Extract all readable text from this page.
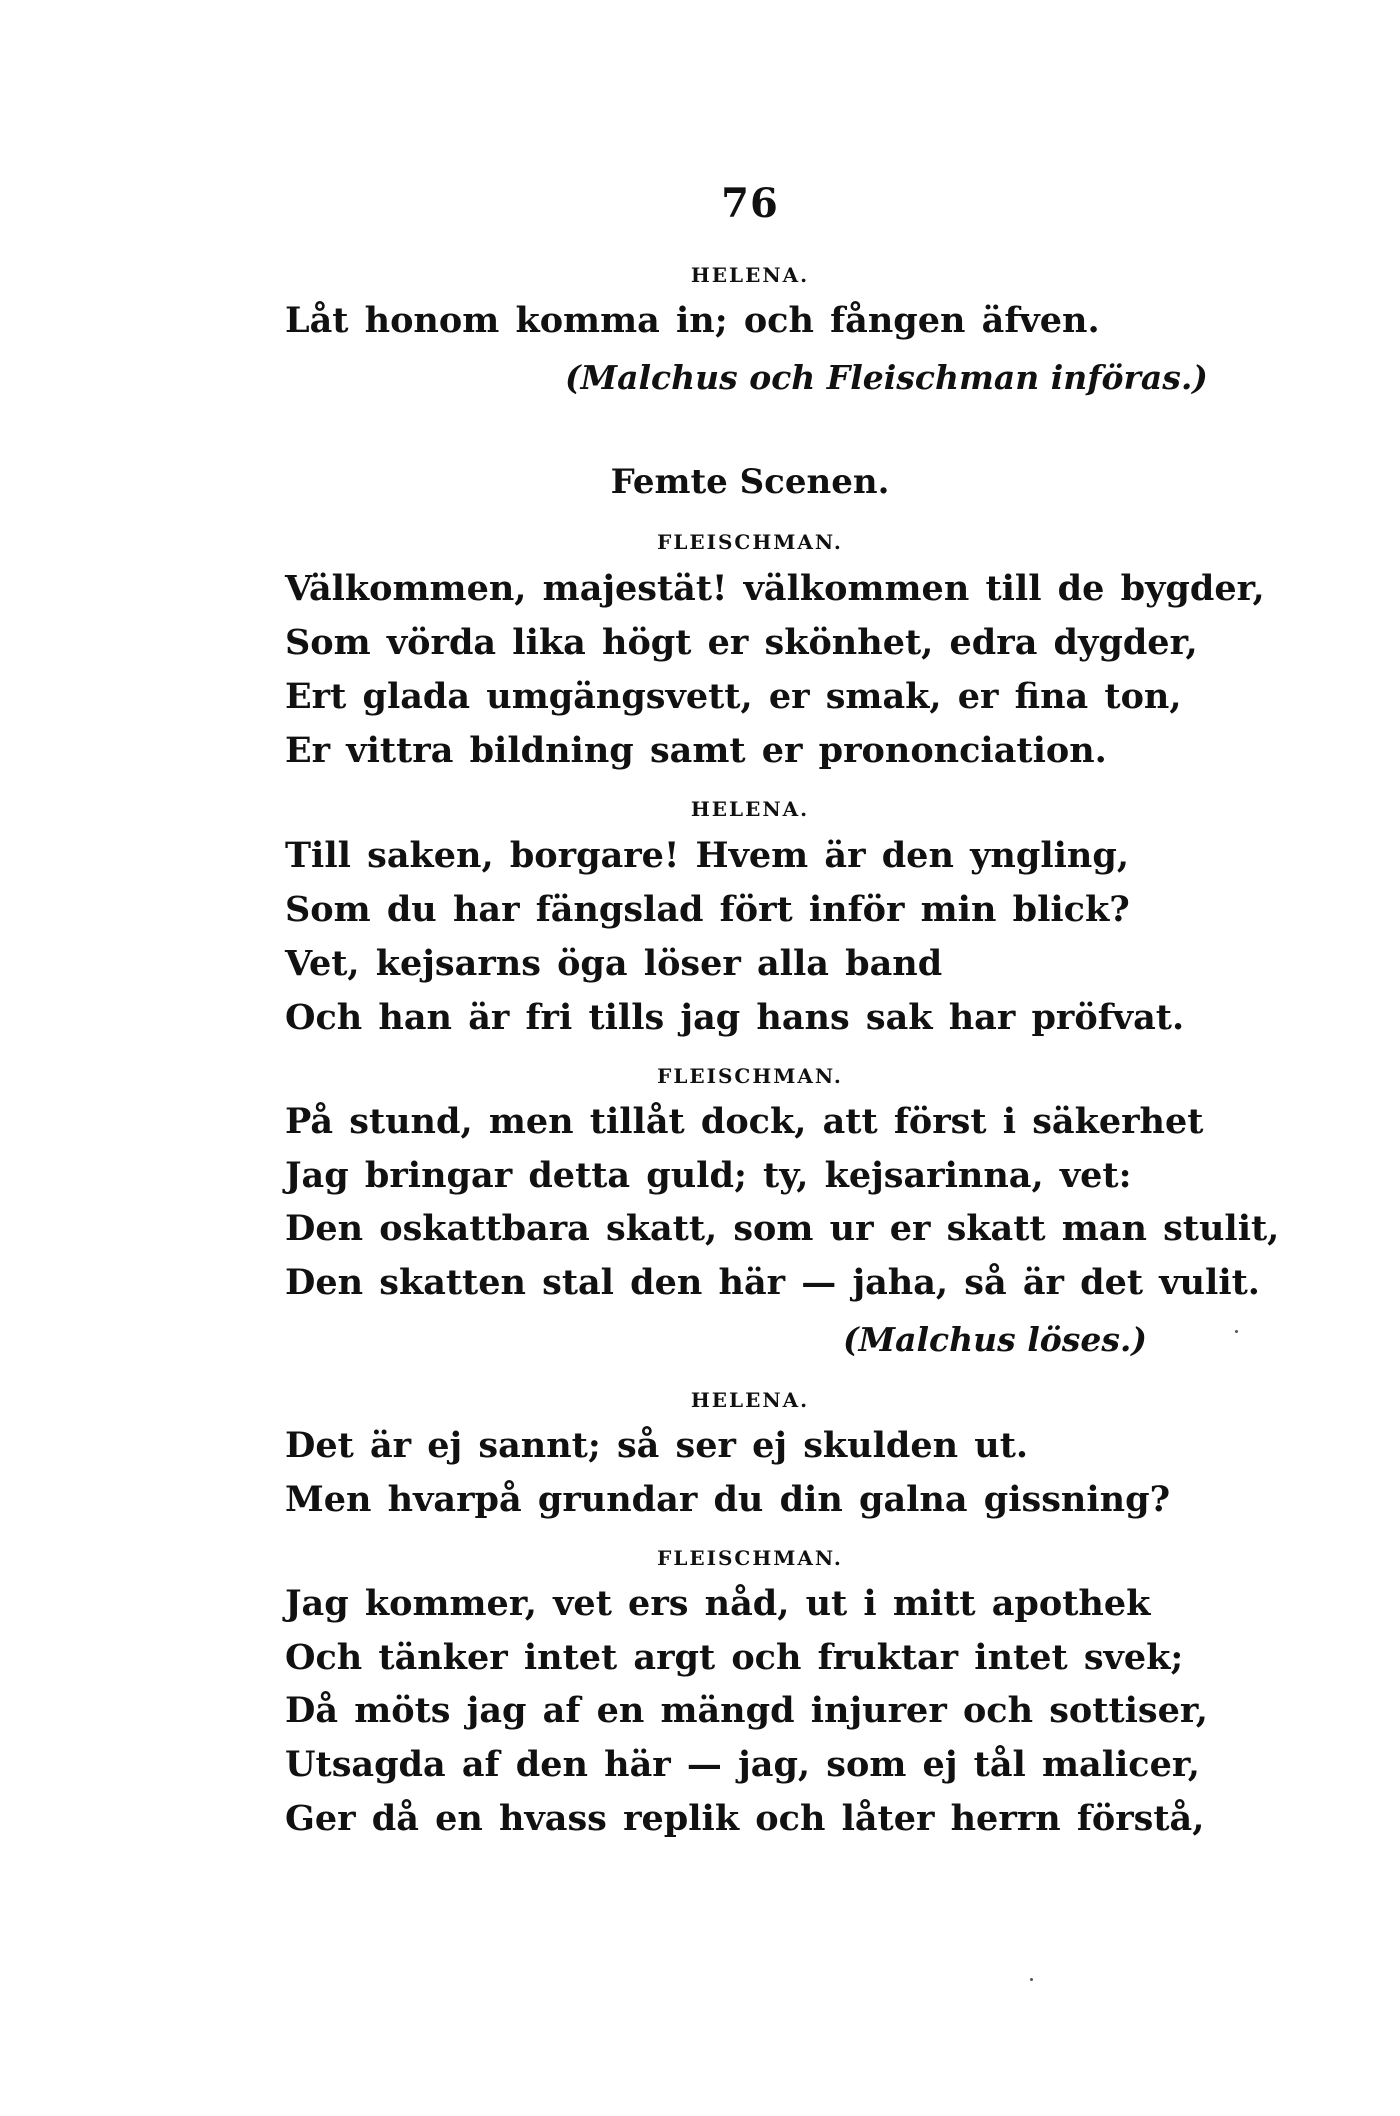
76
HELENA.
Låt honom komma in; och fången äfven.
(Malchus och Fleischman införas.)
Femte Scenen.
FLEISCHMAN.
Välkommen, majestät! välkommen till de bygder,
Som vörda lika högt er skönhet, edra dygder,
Ert glada umgängsvett, er smak, er fina ton,
Er vittra bildning samt er prononciation.
HELENA.
Till saken, borgare! Hvem är den yngling,
Som du har fängslad fört inför min blick?
Vet, kejsarns öga löser alla band
Och han är fri tills jag hans sak har pröfvat.
FLEISCHMAN.
På stund, men tillåt dock, att först i säkerhet
Jag bringar detta guld; ty, kejsarinna, vet:
Den oskattbara skatt, som ur er skatt man stulit,
Den skatten stal den här — jaha, så är det vulit.
(Malchus löses.)
HELENA.
Det är ej sannt; så ser ej skulden ut.
Men hvarpå grundar du din galna gissning?
FLEISCHMAN.
Jag kommer, vet ers nåd, ut i mitt apothek
Och tänker intet argt och fruktar intet svek;
Då möts jag af en mängd injurer och sottiser,
Utsagda af den här — jag, som ej tål malicer,
Ger då en hvass replik och låter herrn förstå,
